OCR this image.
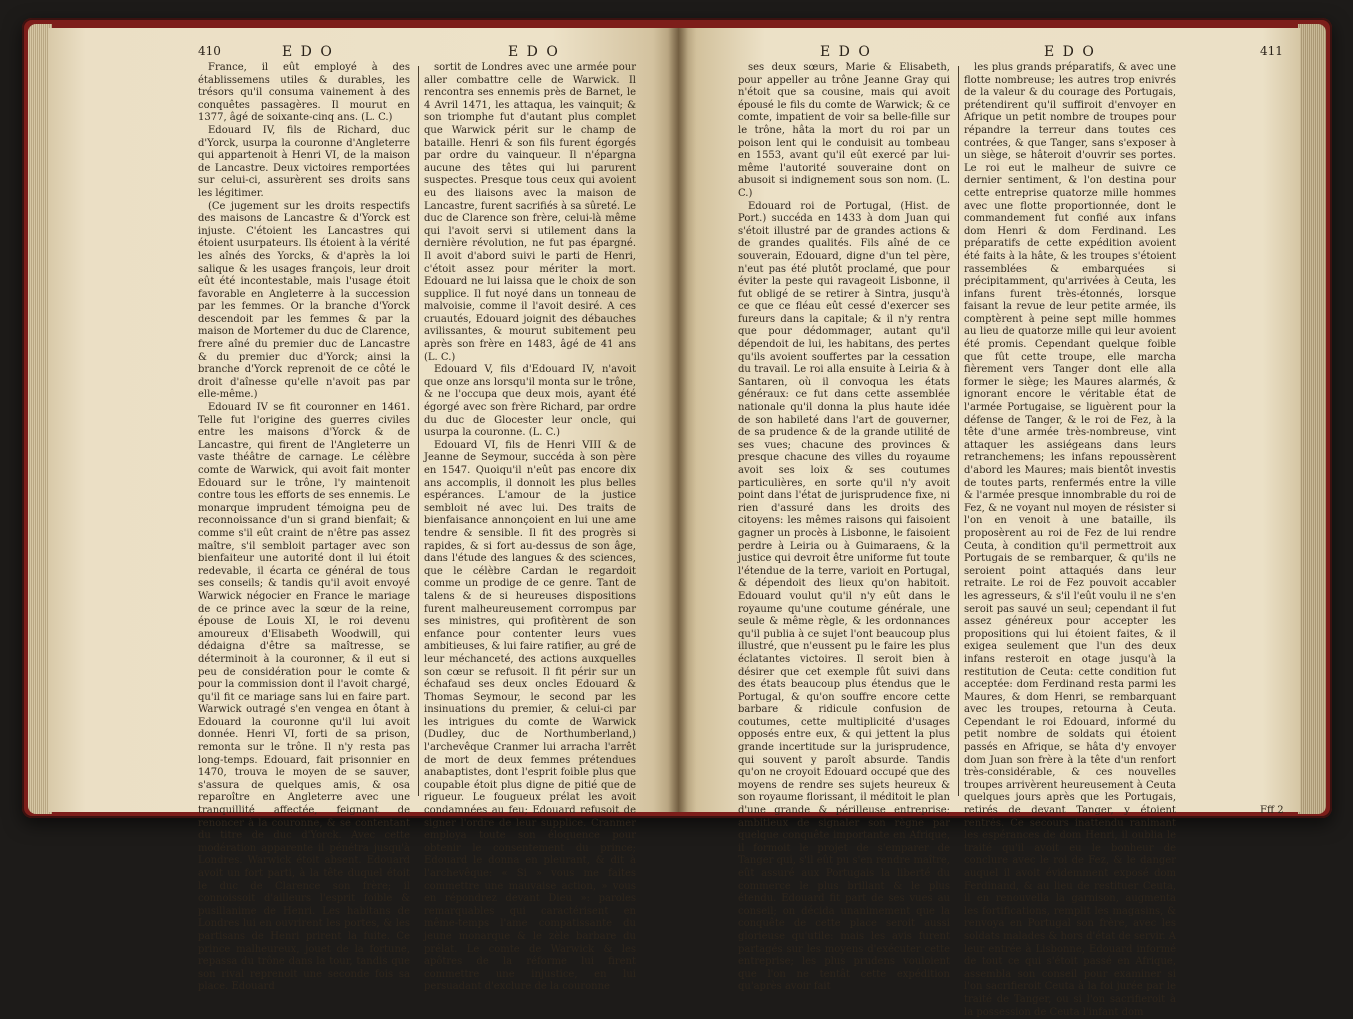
410	E D O	E D O	E D O	E D O	411

France, il eût employé à des établissemens utiles & durables, les trésors qu'il consuma vainement à des conquêtes passagères. Il mourut en 1377, âgé de soixante-cinq ans. (L. C.)

Edouard IV, fils de Richard, duc d'Yorck, usurpa la couronne d'Angleterre qui appartenoit à Henri VI, de la maison de Lancastre. Deux victoires remportées sur celui-ci, assurèrent ses droits sans les légitimer.

(Ce jugement sur les droits respectifs des maisons de Lancastre & d'Yorck est injuste. C'étoient les Lancastres qui étoient usurpateurs. Ils étoient à la vérité les aînés des Yorcks, & d'après la loi salique & les usages françois, leur droit eût été incontestable, mais l'usage étoit favorable en Angleterre à la succession par les femmes. Or la branche d'Yorck descendoit par les femmes & par la maison de Mortemer du duc de Clarence, frere aîné du premier duc de Lancastre & du premier duc d'Yorck; ainsi la branche d'Yorck reprenoit de ce côté le droit d'aînesse qu'elle n'avoit pas par elle-même.)

Edouard IV se fit couronner en 1461. Telle fut l'origine des guerres civiles entre les maisons d'Yorck & de Lancastre, qui firent de l'Angleterre un vaste théâtre de carnage. Le célèbre comte de Warwick, qui avoit fait monter Edouard sur le trône, l'y maintenoit contre tous les efforts de ses ennemis. Le monarque imprudent témoigna peu de reconnoissance d'un si grand bienfait; & comme s'il eût craint de n'être pas assez maître, s'il sembloit partager avec son bienfaiteur une autorité dont il lui étoit redevable, il écarta ce général de tous ses conseils; & tandis qu'il avoit envoyé Warwick négocier en France le mariage de ce prince avec la sœur de la reine, épouse de Louis XI, le roi devenu amoureux d'Elisabeth Woodwill, qui dédaigna d'être sa maîtresse, se déterminoit à la couronner, & il eut si peu de considération pour le comte & pour la commission dont il l'avoit chargé, qu'il fit ce mariage sans lui en faire part. Warwick outragé s'en vengea en ôtant à Edouard la couronne qu'il lui avoit donnée. Henri VI, forti de sa prison, remonta sur le trône. Il n'y resta pas long-temps. Edouard, fait prisonnier en 1470, trouva le moyen de se sauver, s'assura de quelques amis, & osa reparoître en Angleterre avec une tranquillité affectée, feignant de renoncer à la couronne, & se contentant du titre de duc d'Yorck. Avec cette modération apparente il pénétra jusqu'à Londres. Warwick étoit absent. Edouard avoit un fort parti, à la tête duquel étoit le duc de Clarence son frère; il connoissoit d'ailleurs l'esprit foible & pusillanime de Henri. Les habitans de Londres lui en ouvrirent les portes, & les partisans de Henri prirent la fuite. Ce prince malheureux, jouet de la fortune, repassa du trône dans la tour, tandis que son rival reprenoit une seconde fois sa place. Edouard

sortit de Londres avec une armée pour aller combattre celle de Warwick. Il rencontra ses ennemis près de Barnet, le 4 Avril 1471, les attaqua, les vainquit; & son triomphe fut d'autant plus complet que Warwick périt sur le champ de bataille. Henri & son fils furent égorgés par ordre du vainqueur. Il n'épargna aucune des têtes qui lui parurent suspectes. Presque tous ceux qui avoient eu des liaisons avec la maison de Lancastre, furent sacrifiés à sa sûreté. Le duc de Clarence son frère, celui-là même qui l'avoit servi si utilement dans la dernière révolution, ne fut pas épargné. Il avoit d'abord suivi le parti de Henri, c'étoit assez pour mériter la mort. Edouard ne lui laissa que le choix de son supplice. Il fut noyé dans un tonneau de malvoisie, comme il l'avoit desiré. A ces cruautés, Edouard joignit des débauches avilissantes, & mourut subitement peu après son frère en 1483, âgé de 41 ans (L. C.)

Edouard V, fils d'Edouard IV, n'avoit que onze ans lorsqu'il monta sur le trône, & ne l'occupa que deux mois, ayant été égorgé avec son frère Richard, par ordre du duc de Glocester leur oncle, qui usurpa la couronne. (L. C.)

Edouard VI, fils de Henri VIII & de Jeanne de Seymour, succéda à son père en 1547. Quoiqu'il n'eût pas encore dix ans accomplis, il donnoit les plus belles espérances. L'amour de la justice sembloit né avec lui. Des traits de bienfaisance annonçoient en lui une ame tendre & sensible. Il fit des progrès si rapides, & si fort au-dessus de son âge, dans l'étude des langues & des sciences, que le célèbre Cardan le regardoit comme un prodige de ce genre. Tant de talens & de si heureuses dispositions furent malheureusement corrompus par ses ministres, qui profitèrent de son enfance pour contenter leurs vues ambitieuses, & lui faire ratifier, au gré de leur méchanceté, des actions auxquelles son cœur se refusoit. Il fit périr sur un échafaud ses deux oncles Edouard & Thomas Seymour, le second par les insinuations du premier, & celui-ci par les intrigues du comte de Warwick (Dudley, duc de Northumberland,) l'archevêque Cranmer lui arracha l'arrêt de mort de deux femmes prétendues anabaptistes, dont l'esprit foible plus que coupable étoit plus digne de pitié que de rigueur. Le fougueux prélat les avoit condamnées au feu; Edouard refusoit de signer l'ordre de leur supplice. Cranmer employa toute son éloquence pour obtenir le consentement du prince; Edouard le donna en pleurant, & dit à l'archevêque: « Si » vous me faites commettre une mauvaise action, » vous en répondrez devant Dieu »: paroles remarquables qui caractérisent en même-temps l'ame compatissante du jeune monarque & le zèle barbare du prélat. Le comte de Warwick & les apôtres de la réforme lui firent commettre une injustice, en lui persuadant d'exclure de la couronne

ses deux sœurs, Marie & Elisabeth, pour appeller au trône Jeanne Gray qui n'étoit que sa cousine, mais qui avoit épousé le fils du comte de Warwick; & ce comte, impatient de voir sa belle-fille sur le trône, hâta la mort du roi par un poison lent qui le conduisit au tombeau en 1553, avant qu'il eût exercé par lui-même l'autorité souveraine dont on abusoit si indignement sous son nom. (L. C.)

Edouard roi de Portugal, (Hist. de Port.) succéda en 1433 à dom Juan qui s'étoit illustré par de grandes actions & de grandes qualités. Fils aîné de ce souverain, Edouard, digne d'un tel père, n'eut pas été plutôt proclamé, que pour éviter la peste qui ravageoit Lisbonne, il fut obligé de se retirer à Sintra, jusqu'à ce que ce fléau eût cessé d'exercer ses fureurs dans la capitale; & il n'y rentra que pour dédommager, autant qu'il dépendoit de lui, les habitans, des pertes qu'ils avoient souffertes par la cessation du travail. Le roi alla ensuite à Leiria & à Santaren, où il convoqua les états généraux: ce fut dans cette assemblée nationale qu'il donna la plus haute idée de son habileté dans l'art de gouverner, de sa prudence & de la grande utilité de ses vues; chacune des provinces & presque chacune des villes du royaume avoit ses loix & ses coutumes particulières, en sorte qu'il n'y avoit point dans l'état de jurisprudence fixe, ni rien d'assuré dans les droits des citoyens: les mêmes raisons qui faisoient gagner un procès à Lisbonne, le faisoient perdre à Leiria ou à Guimaraens, & la justice qui devroit être uniforme fut toute l'étendue de la terre, varioit en Portugal, & dépendoit des lieux qu'on habitoit. Edouard voulut qu'il n'y eût dans le royaume qu'une coutume générale, une seule & même règle, & les ordonnances qu'il publia à ce sujet l'ont beaucoup plus illustré, que n'eussent pu le faire les plus éclatantes victoires. Il seroit bien à désirer que cet exemple fût suivi dans des états beaucoup plus étendus que le Portugal, & qu'on souffre encore cette barbare & ridicule confusion de coutumes, cette multiplicité d'usages opposés entre eux, & qui jettent la plus grande incertitude sur la jurisprudence, qui souvent y paroît absurde. Tandis qu'on ne croyoit Edouard occupé que des moyens de rendre ses sujets heureux & son royaume florissant, il méditoit le plan d'une grande & périlleuse entreprise; ambitieux de signaler son règne par quelque conquête importante en Afrique, il formoit le projet de s'emparer de Tanger qui, s'il eût pu s'en rendre maître, eût assuré aux Portugais la liberté du commerce le plus brillant & le plus étendu. Edouard fit part de ses vues au conseil; on décida unanimement que la conquête de cette place seroit aussi glorieuse qu'utile: mais les avis furent partagés sur les moyens d'exécuter cette entreprise; les plus prudens vouloient que l'on ne tentât cette expédition qu'après avoir fait

les plus grands préparatifs, & avec une flotte nombreuse; les autres trop enivrés de la valeur & du courage des Portugais, prétendirent qu'il suffiroit d'envoyer en Afrique un petit nombre de troupes pour répandre la terreur dans toutes ces contrées, & que Tanger, sans s'exposer à un siège, se hâteroit d'ouvrir ses portes. Le roi eut le malheur de suivre ce dernier sentiment, & l'on destina pour cette entreprise quatorze mille hommes avec une flotte proportionnée, dont le commandement fut confié aux infans dom Henri & dom Ferdinand. Les préparatifs de cette expédition avoient été faits à la hâte, & les troupes s'étoient rassemblées & embarquées si précipitamment, qu'arrivées à Ceuta, les infans furent très-étonnés, lorsque faisant la revue de leur petite armée, ils comptèrent à peine sept mille hommes au lieu de quatorze mille qui leur avoient été promis. Cependant quelque foible que fût cette troupe, elle marcha fièrement vers Tanger dont elle alla former le siège; les Maures alarmés, & ignorant encore le véritable état de l'armée Portugaise, se liguèrent pour la défense de Tanger, & le roi de Fez, à la tête d'une armée très-nombreuse, vint attaquer les assiégeans dans leurs retranchemens; les infans repoussèrent d'abord les Maures; mais bientôt investis de toutes parts, renfermés entre la ville & l'armée presque innombrable du roi de Fez, & ne voyant nul moyen de résister si l'on en venoit à une bataille, ils proposèrent au roi de Fez de lui rendre Ceuta, à condition qu'il permettroit aux Portugais de se rembarquer, & qu'ils ne seroient point attaqués dans leur retraite. Le roi de Fez pouvoit accabler les agresseurs, & s'il l'eût voulu il ne s'en seroit pas sauvé un seul; cependant il fut assez généreux pour accepter les propositions qui lui étoient faites, & il exigea seulement que l'un des deux infans resteroit en otage jusqu'à la restitution de Ceuta: cette condition fut acceptée: dom Ferdinand resta parmi les Maures, & dom Henri, se rembarquant avec les troupes, retourna à Ceuta. Cependant le roi Edouard, informé du petit nombre de soldats qui étoient passés en Afrique, se hâta d'y envoyer dom Juan son frère à la tête d'un renfort très-considérable, & ces nouvelles troupes arrivèrent heureusement à Ceuta quelques jours après que les Portugais, retirés de devant Tanger, y étoient rentrés. Ce secours inattendu ranimant les espérances de dom Henri, il oublia le traité qu'il avoit eu le bonheur de conclure avec le roi de Fez, & le danger auquel il avoit évidemment exposé dom Ferdinand, & au lieu de restituer Ceuta, il en renouvella la garnison, augmenta les fortifications, remplit les magasins, & renvoya en Portugal son frère, avec les soldats malades & hors d'état de servir. A leur entrée à Lisbonne, Edouard informé de tout ce qui s'étoit passé en Afrique, assembla son conseil pour examiner si l'on sacrifieroit Ceuta à la foi jurée par le traité de Tanger, ou si l'on sacrifieroit à la possession de Ceuta l'infant dom

Fff 2
